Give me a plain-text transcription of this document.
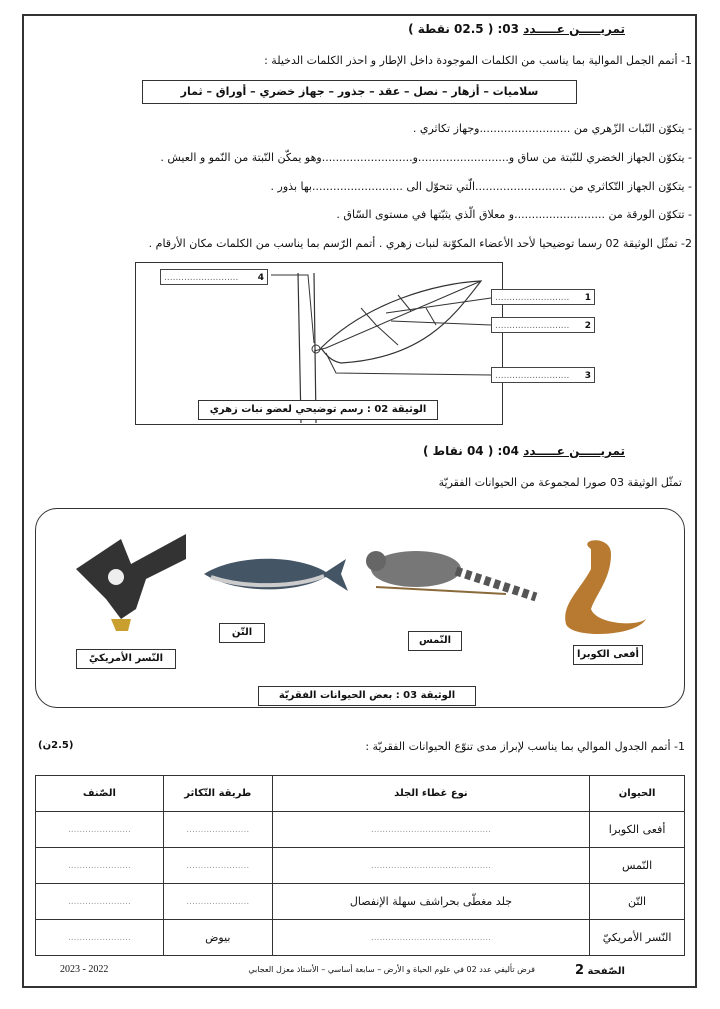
تمريـــــن عـــــدد 03: ( 02.5 نقطة )
1- أتمم الجمل الموالية بما يناسب من الكلمات الموجودة داخل الإطار و احذر الكلمات الدخيلة :
سلاميات – أزهار – نصل – عقد – جذور – جهاز خضري – أوراق – ثمار
- يتكوّن النّبات الزّهري من ..........................وجهاز تكاثري .
- يتكوّن الجهاز الخضري للنّبتة من ساق و..........................و..........................وهو يمكّن النّبتة من النّمو و العيش .
- يتكوّن الجهاز التّكاثري من ..........................الّتي تتحوّل الى ..........................بها بذور .
- تتكوّن الورقة من ..........................و معلاق الّذي يثبّتها في مستوى السّاق .
2- تمثّل الوثيقة 02 رسما توضيحيا لأحد الأعضاء المكوّنة لنبات زهري . أتمم الرّسم بما يناسب من الكلمات مكان الأرقام .
.......................... 4
.......................... 1
.......................... 2
.......................... 3
الوثيقة 02 : رسم توضيحي لعضو نبات زهري
تمريـــــن عـــــدد 04: ( 04 نقاط )
تمثّل الوثيقة 03 صورا لمجموعة من الحيوانات الفقريّة
النّسر الأمريكيّ
التّن
النّمس
أفعى الكوبرا
الوثيقة 03 : بعض الحيوانات الفقريّة
1- أتمم الجدول الموالي بما يناسب لإبراز مدى تنوّع الحيوانات الفقريّة :
(2.5ن)
الحيوان	نوع غطاء الجلد	طريقة التّكاثر	الصّنف
أفعى الكوبرا	..........................................	......................	......................
النّمس	..........................................	......................	......................
التّن	جلد مغطّى بحراشف سهلة الإنفصال	......................	......................
النّسر الأمريكيّ	..........................................	بيوض	......................
الصّفحة 2
فرض تأليفي عدد 02 في علوم الحياة و الأرض – سابعة أساسي – الأستاذ معزل العجابي
2023 - 2022
